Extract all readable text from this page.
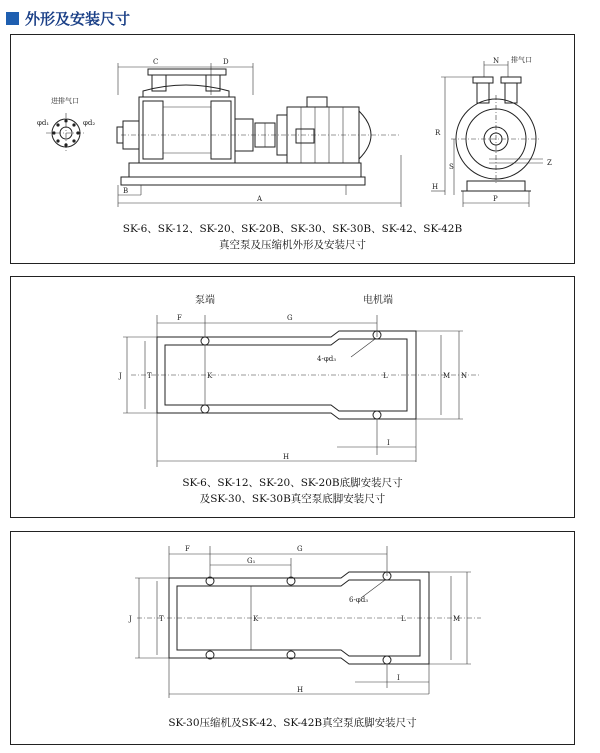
外形及安装尺寸
进排气口
φd₁	φd₂
C	D
A
B
N 排气口
Z
R
S
P
H
SK-6、SK-12、SK-20、SK-20B、SK-30、SK-30B、SK-42、SK-42B
真空泵及压缩机外形及安装尺寸
泵端	电机端
F	G
4-φd₃
J	T	K	L	M N
I
H
SK-6、SK-12、SK-20、SK-20B底脚安装尺寸
及SK-30、SK-30B真空泵底脚安装尺寸
F	G
G₁
6-φd₃
J	T	K	L	M
I
H
SK-30压缩机及SK-42、SK-42B真空泵底脚安装尺寸
